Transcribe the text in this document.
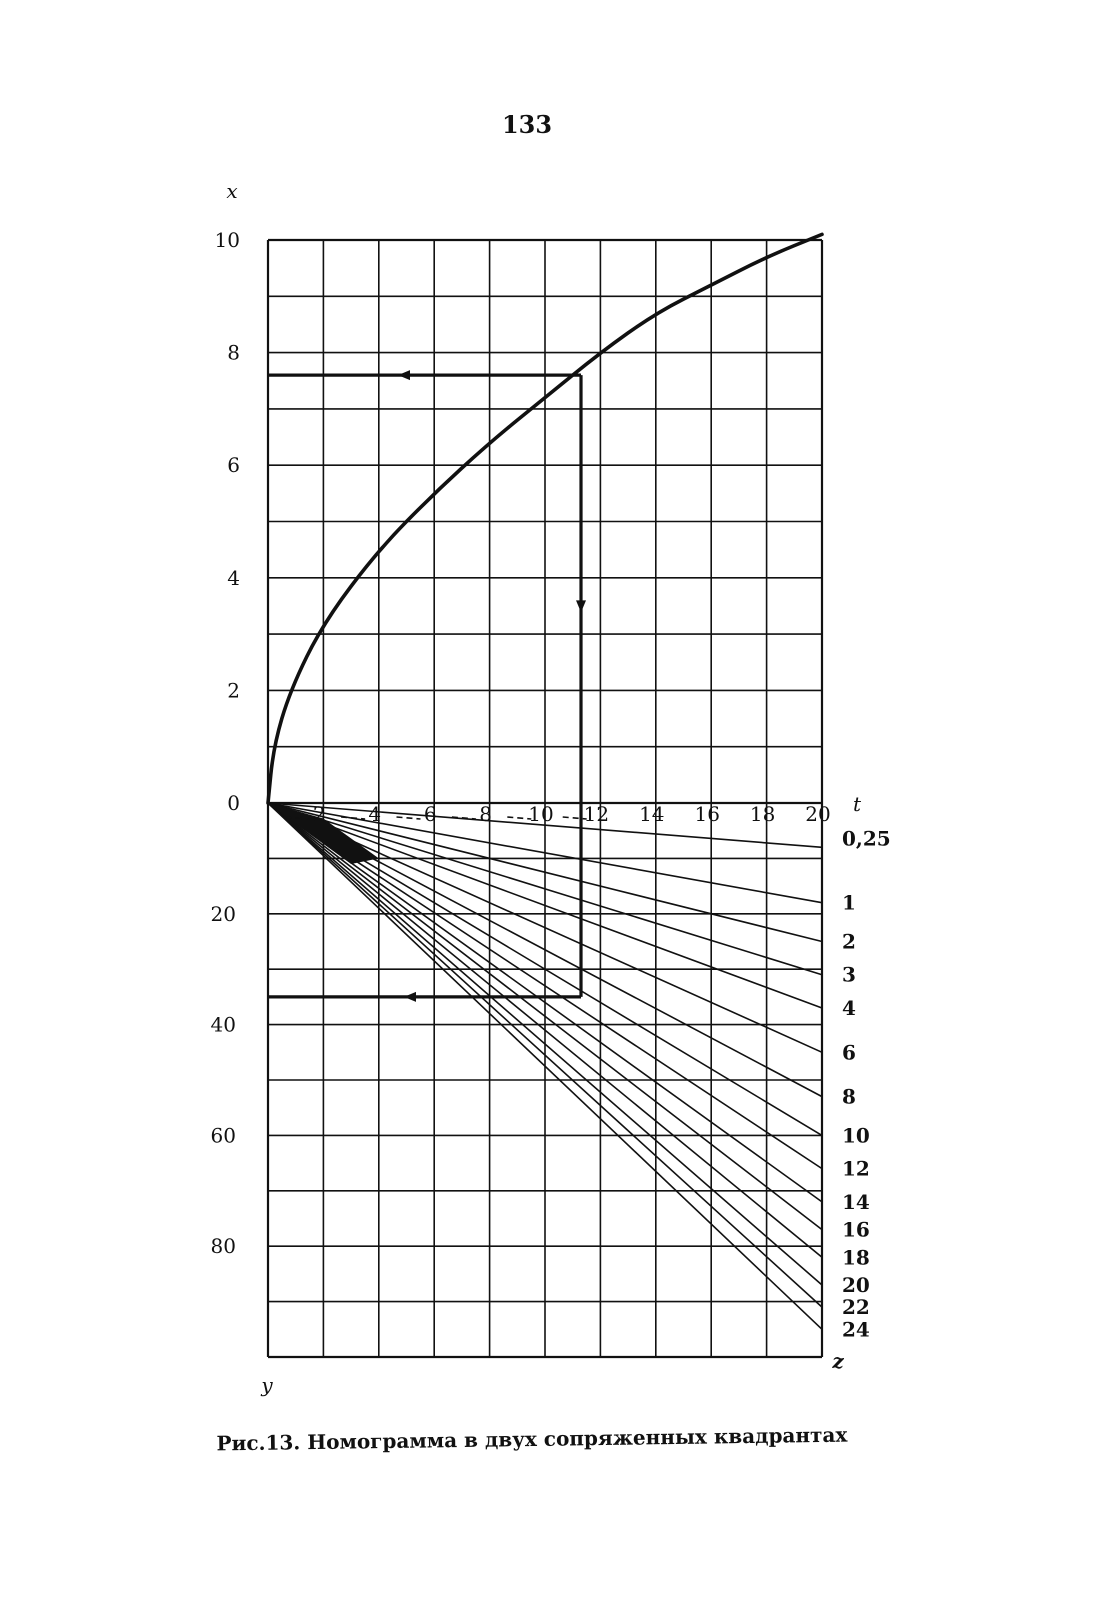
133
0,25
1
2
3
4
6
8
10
12
14
16
18
20
22
24
2 4 6 8 10 12 14 16 18 20
0
2
4
6
8
10
20
40
60
80
x
t
y
z
Рис.13. Номограмма в двух сопряженных квадрантах
